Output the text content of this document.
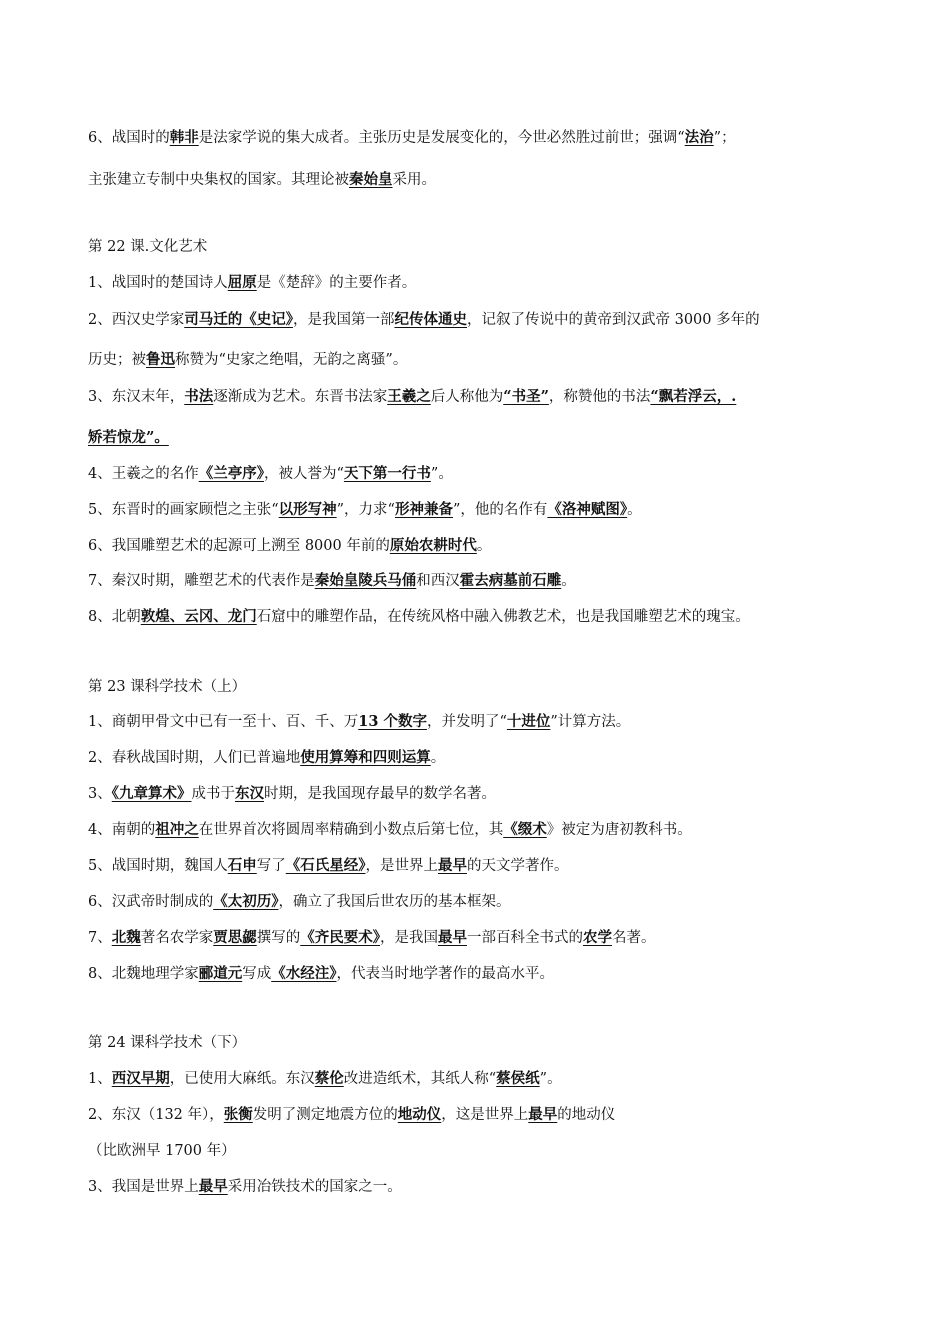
6、战国时的韩非是法家学说的集大成者。主张历史是发展变化的，今世必然胜过前世；强调“法治”；
主张建立专制中央集权的国家。其理论被秦始皇采用。
第 22 课.文化艺术
1、战国时的楚国诗人屈原是《楚辞》的主要作者。
2、西汉史学家司马迁的《史记》，是我国第一部纪传体通史，记叙了传说中的黄帝到汉武帝 3000 多年的
历史；被鲁迅称赞为“史家之绝唱，无韵之离骚”。
3、东汉末年，书法逐渐成为艺术。东晋书法家王羲之后人称他为“书圣”，称赞他的书法“飘若浮云，.
矫若惊龙”。
4、王羲之的名作《兰亭序》，被人誉为“天下第一行书”。
5、东晋时的画家顾恺之主张“以形写神”，力求“形神兼备”，他的名作有《洛神赋图》。
6、我国雕塑艺术的起源可上溯至 8000 年前的原始农耕时代。
7、秦汉时期，雕塑艺术的代表作是秦始皇陵兵马俑和西汉霍去病墓前石雕。
8、北朝敦煌、云冈、龙门石窟中的雕塑作品，在传统风格中融入佛教艺术，也是我国雕塑艺术的瑰宝。
第 23 课科学技术（上）
1、商朝甲骨文中已有一至十、百、千、万13 个数字，并发明了“十进位”计算方法。
2、春秋战国时期，人们已普遍地使用算筹和四则运算。
3、《九章算术》成书于东汉时期，是我国现存最早的数学名著。
4、南朝的祖冲之在世界首次将圆周率精确到小数点后第七位，其《缀术》被定为唐初教科书。
5、战国时期，魏国人石申写了《石氏星经》，是世界上最早的天文学著作。
6、汉武帝时制成的《太初历》，确立了我国后世农历的基本框架。
7、北魏著名农学家贾思勰撰写的《齐民要术》，是我国最早一部百科全书式的农学名著。
8、北魏地理学家郦道元写成《水经注》，代表当时地学著作的最高水平。
第 24 课科学技术（下）
1、西汉早期，已使用大麻纸。东汉蔡伦改进造纸术，其纸人称“蔡侯纸”。
2、东汉（132 年），张衡发明了测定地震方位的地动仪，这是世界上最早的地动仪
（比欧洲早 1700 年）
3、我国是世界上最早采用冶铁技术的国家之一。
